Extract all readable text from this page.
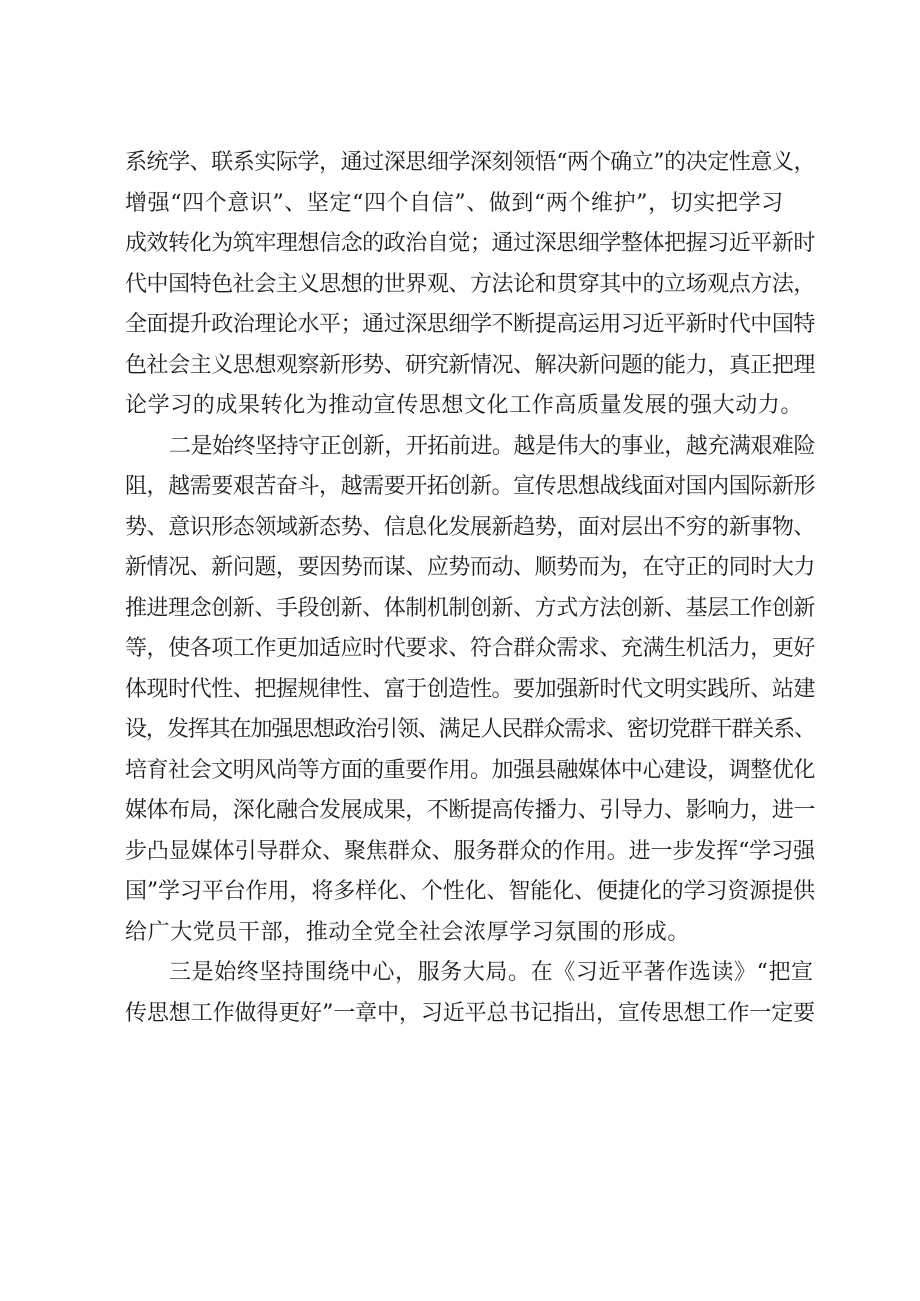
系统学、联系实际学，通过深思细学深刻领悟“两个确立”的决定性意义，
增强“四个意识”、坚定“四个自信”、做到“两个维护”，切实把学习
成效转化为筑牢理想信念的政治自觉；通过深思细学整体把握习近平新时
代中国特色社会主义思想的世界观、方法论和贯穿其中的立场观点方法，
全面提升政治理论水平；通过深思细学不断提高运用习近平新时代中国特
色社会主义思想观察新形势、研究新情况、解决新问题的能力，真正把理
论学习的成果转化为推动宣传思想文化工作高质量发展的强大动力。
二是始终坚持守正创新，开拓前进。越是伟大的事业，越充满艰难险
阻，越需要艰苦奋斗，越需要开拓创新。宣传思想战线面对国内国际新形
势、意识形态领域新态势、信息化发展新趋势，面对层出不穷的新事物、
新情况、新问题，要因势而谋、应势而动、顺势而为，在守正的同时大力
推进理念创新、手段创新、体制机制创新、方式方法创新、基层工作创新
等，使各项工作更加适应时代要求、符合群众需求、充满生机活力，更好
体现时代性、把握规律性、富于创造性。要加强新时代文明实践所、站建
设，发挥其在加强思想政治引领、满足人民群众需求、密切党群干群关系、
培育社会文明风尚等方面的重要作用。加强县融媒体中心建设，调整优化
媒体布局，深化融合发展成果，不断提高传播力、引导力、影响力，进一
步凸显媒体引导群众、聚焦群众、服务群众的作用。进一步发挥“学习强
国”学习平台作用，将多样化、个性化、智能化、便捷化的学习资源提供
给广大党员干部，推动全党全社会浓厚学习氛围的形成。
三是始终坚持围绕中心，服务大局。在《习近平著作选读》“把宣
传思想工作做得更好”一章中，习近平总书记指出，宣传思想工作一定要
